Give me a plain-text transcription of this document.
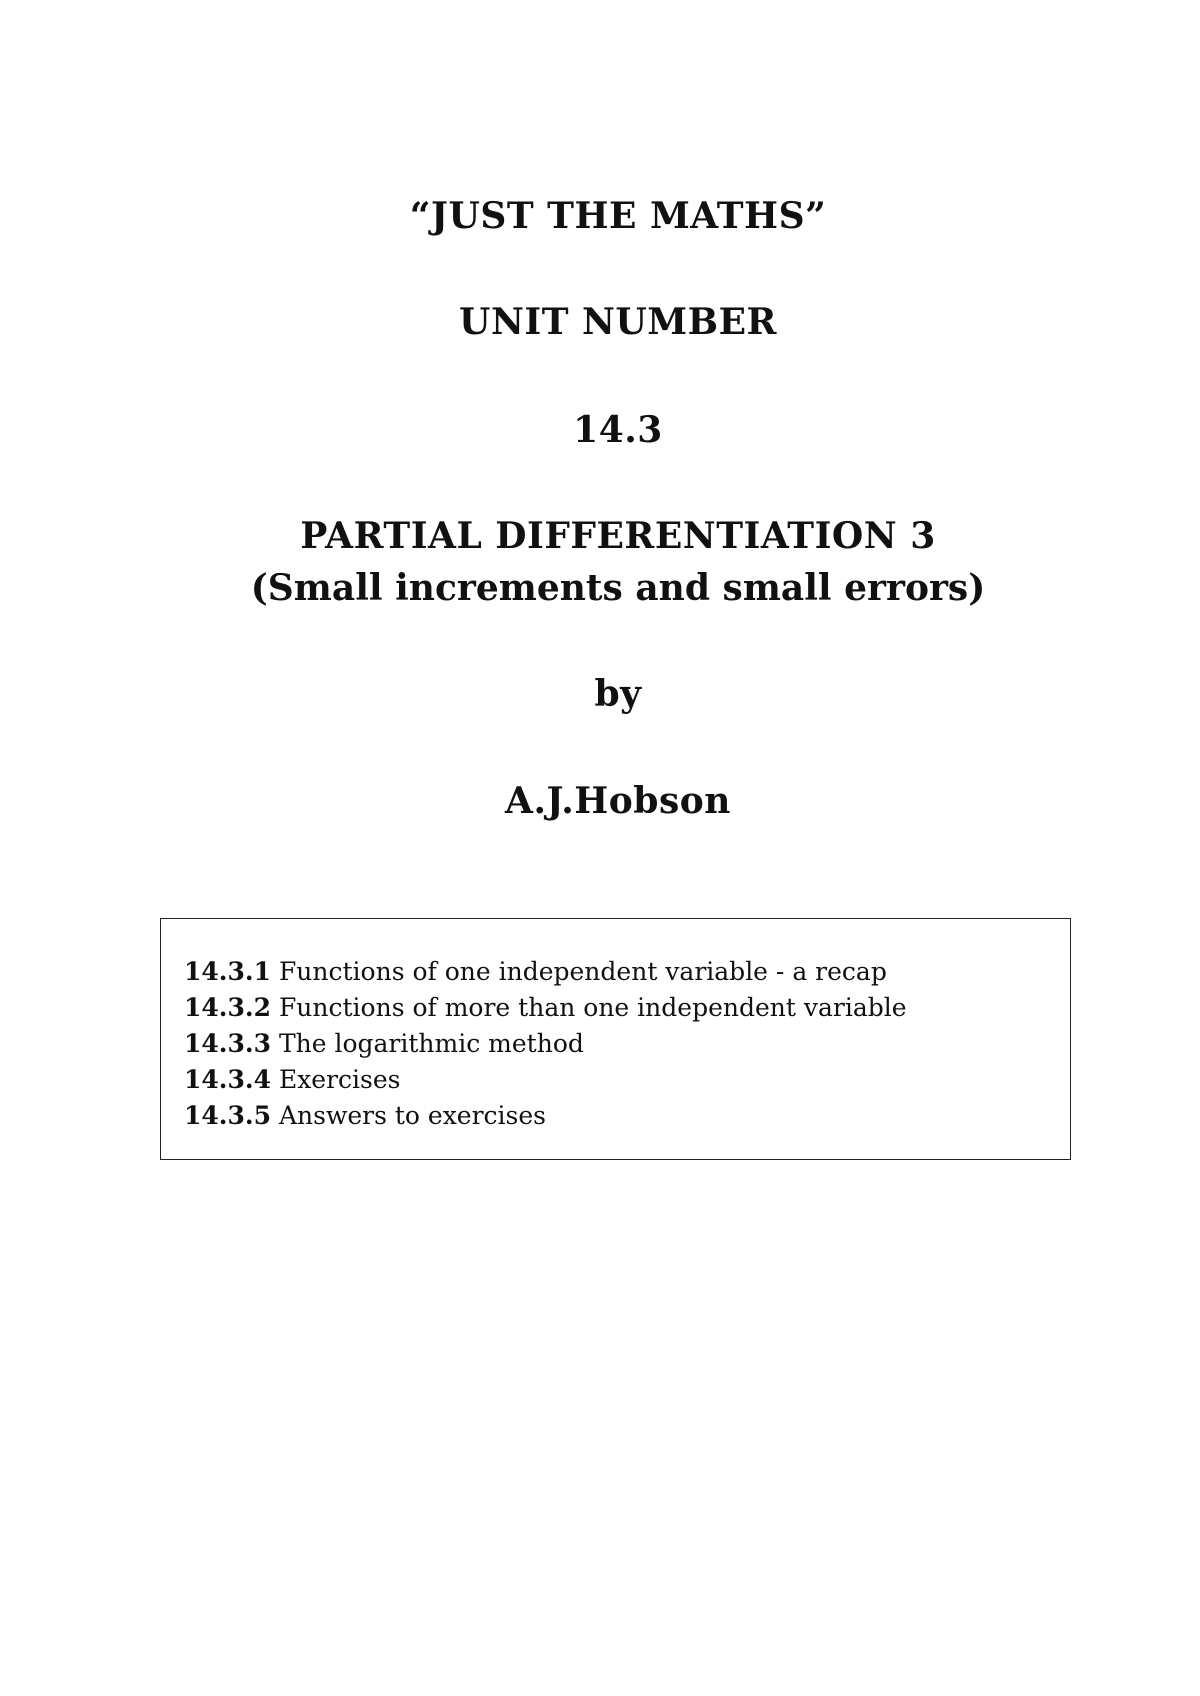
“JUST THE MATHS”
UNIT NUMBER
14.3
PARTIAL DIFFERENTIATION 3
(Small increments and small errors)
by
A.J.Hobson
14.3.1 Functions of one independent variable - a recap
14.3.2 Functions of more than one independent variable
14.3.3 The logarithmic method
14.3.4 Exercises
14.3.5 Answers to exercises
